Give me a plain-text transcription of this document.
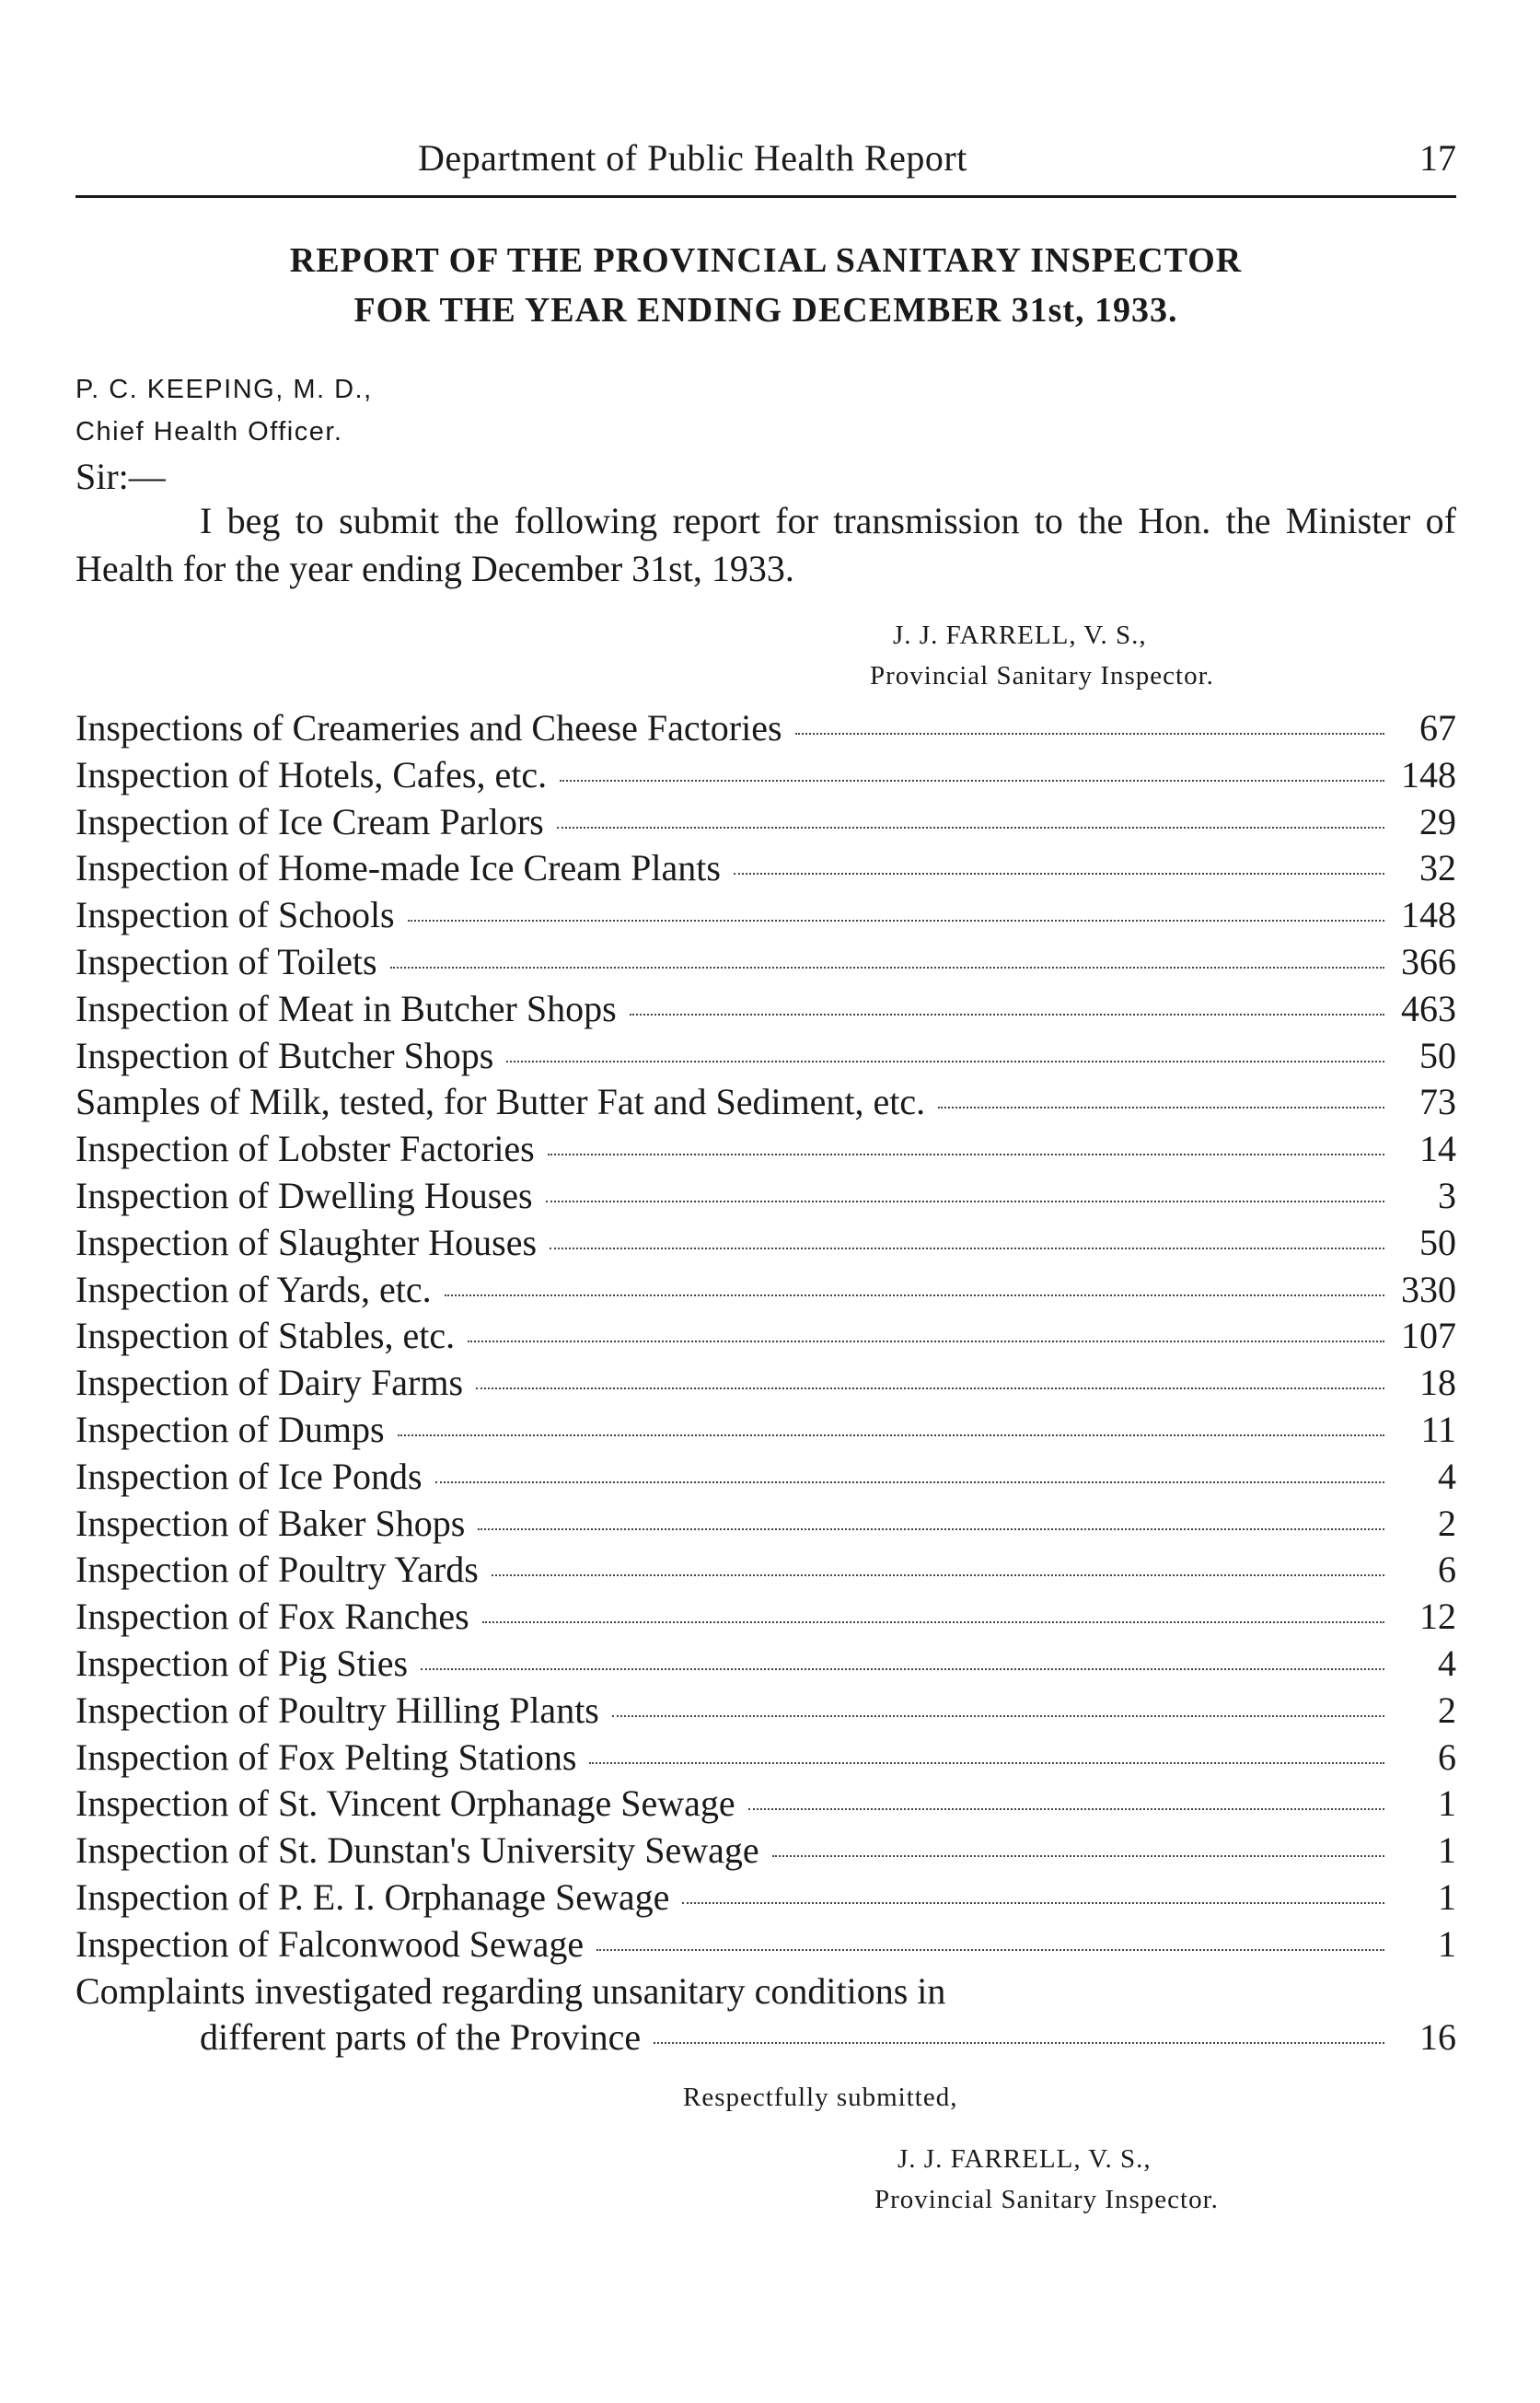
Department of Public Health Report	17
REPORT OF THE PROVINCIAL SANITARY INSPECTOR
FOR THE YEAR ENDING DECEMBER 31st, 1933.
P. C. KEEPING, M. D.,
Chief Health Officer.
Sir:—
I beg to submit the following report for transmission to the Hon. the Minister of Health for the year ending December 31st, 1933.
J. J. FARRELL, V. S.,
Provincial Sanitary Inspector.
Inspections of Creameries and Cheese Factories	67
Inspection of Hotels, Cafes, etc.	148
Inspection of Ice Cream Parlors	29
Inspection of Home-made Ice Cream Plants	32
Inspection of Schools	148
Inspection of Toilets	366
Inspection of Meat in Butcher Shops	463
Inspection of Butcher Shops	50
Samples of Milk, tested, for Butter Fat and Sediment, etc.	73
Inspection of Lobster Factories	14
Inspection of Dwelling Houses	3
Inspection of Slaughter Houses	50
Inspection of Yards, etc.	330
Inspection of Stables, etc.	107
Inspection of Dairy Farms	18
Inspection of Dumps	11
Inspection of Ice Ponds	4
Inspection of Baker Shops	2
Inspection of Poultry Yards	6
Inspection of Fox Ranches	12
Inspection of Pig Sties	4
Inspection of Poultry Hilling Plants	2
Inspection of Fox Pelting Stations	6
Inspection of St. Vincent Orphanage Sewage	1
Inspection of St. Dunstan's University Sewage	1
Inspection of P. E. I. Orphanage Sewage	1
Inspection of Falconwood Sewage	1
Complaints investigated regarding unsanitary conditions in
different parts of the Province	16
Respectfully submitted,
J. J. FARRELL, V. S.,
Provincial Sanitary Inspector.
